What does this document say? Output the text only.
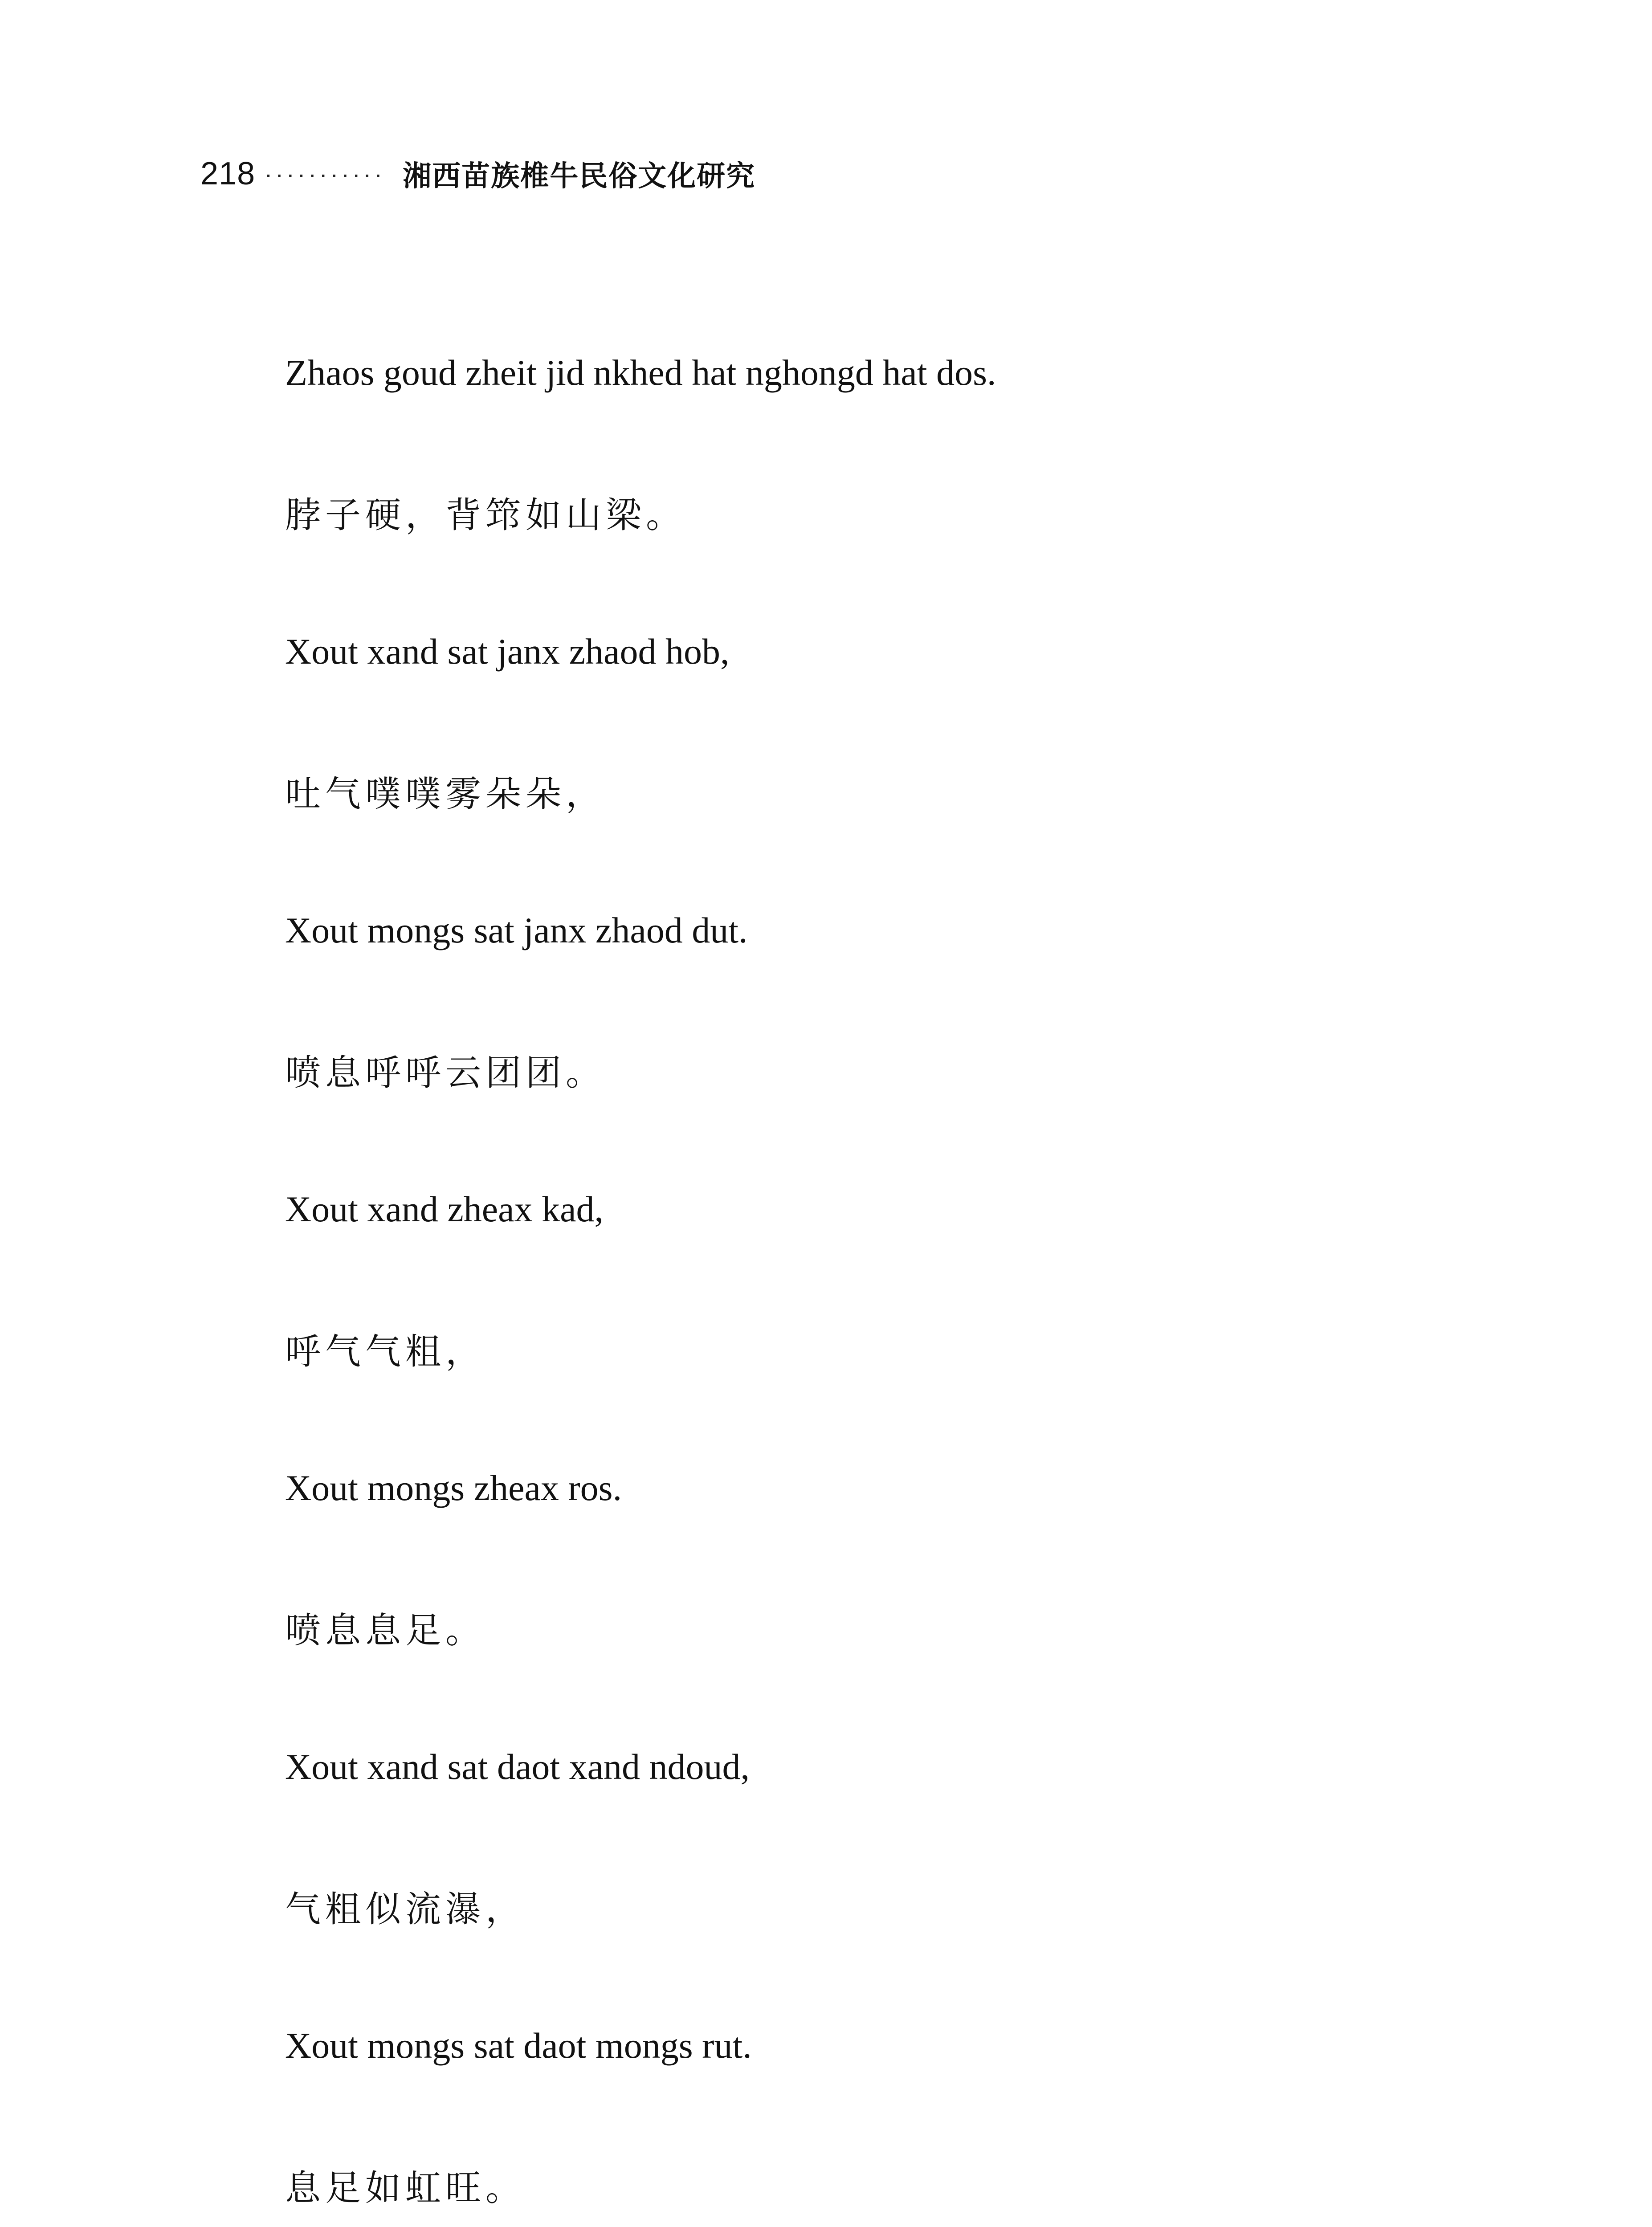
218 ··········· 湘西苗族椎牛民俗文化研究
Zhaos goud zheit jid nkhed hat nghongd hat dos.
脖子硬，背筇如山梁。
Xout xand sat janx zhaod hob,
吐气噗噗雾朵朵，
Xout mongs sat janx zhaod dut.
喷息呼呼云团团。
Xout xand zheax kad,
呼气气粗，
Xout mongs zheax ros.
喷息息足。
Xout xand sat daot xand ndoud,
气粗似流瀑，
Xout mongs sat daot mongs rut.
息足如虹旺。
